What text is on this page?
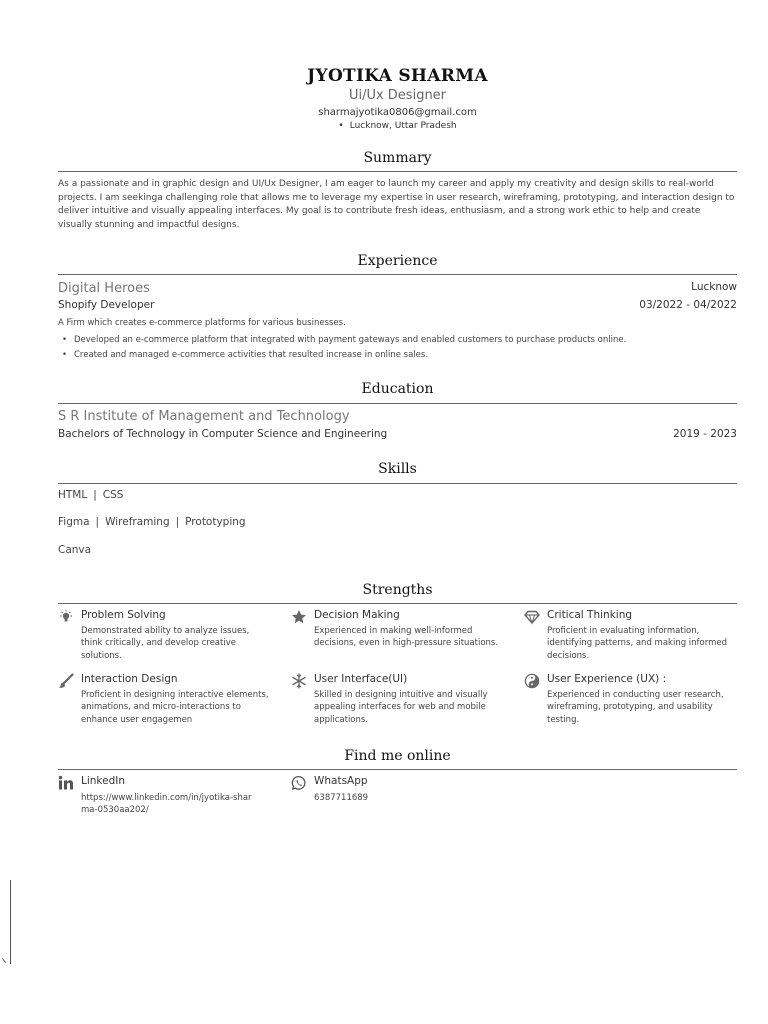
JYOTIKA SHARMA
Ui/Ux Designer
sharmajyotika0806@gmail.com
• Lucknow, Uttar Pradesh
Summary
As a passionate and in graphic design and UI/Ux Designer, I am eager to launch my career and apply my creativity and design skills to real-world projects. I am seekinga challenging role that allows me to leverage my expertise in user research, wireframing, prototyping, and interaction design to deliver intuitive and visually appealing interfaces. My goal is to contribute fresh ideas, enthusiasm, and a strong work ethic to help and create visually stunning and impactful designs.
Experience
Digital Heroes	Lucknow
Shopify Developer	03/2022 - 04/2022
A Firm which creates e-commerce platforms for various businesses.
• Developed an e-commerce platform that integrated with payment gateways and enabled customers to purchase products online.
• Created and managed e-commerce activities that resulted increase in online sales.
Education
S R Institute of Management and Technology
Bachelors of Technology in Computer Science and Engineering	2019 - 2023
Skills
HTML | CSS
Figma | Wireframing | Prototyping
Canva
Strengths
Problem Solving
Demonstrated ability to analyze issues, think critically, and develop creative solutions.
Decision Making
Experienced in making well-informed decisions, even in high-pressure situations.
Critical Thinking
Proficient in evaluating information, identifying patterns, and making informed decisions.
Interaction Design
Proficient in designing interactive elements, animations, and micro-interactions to enhance user engagemen
User Interface(UI)
Skilled in designing intuitive and visually appealing interfaces for web and mobile applications.
User Experience (UX) :
Experienced in conducting user research, wireframing, prototyping, and usability testing.
Find me online
LinkedIn
https://www.linkedin.com/in/jyotika-sharma-0530aa202/
WhatsApp
6387711689
